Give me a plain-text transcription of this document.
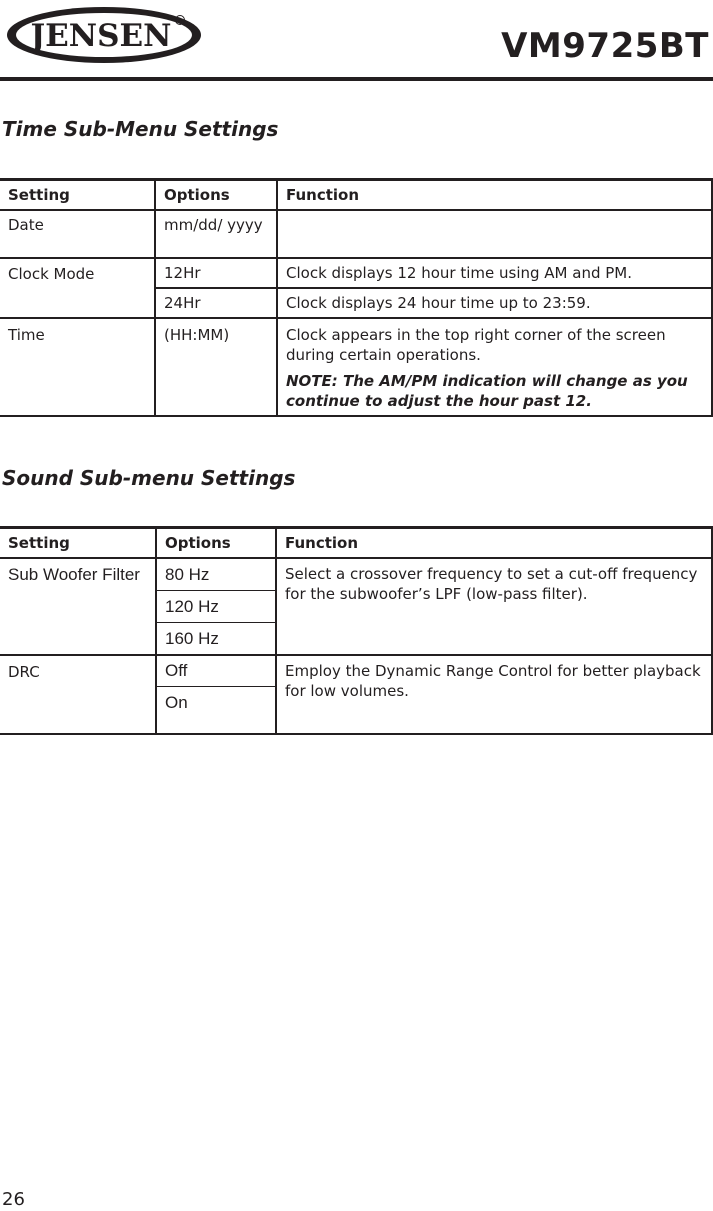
JENSEN R
VM9725BT
Time Sub-Menu Settings
Setting	Options	Function
Date	mm/dd/ yyyy	
Clock Mode	12Hr	Clock displays 12 hour time using AM and PM.
	24Hr	Clock displays 24 hour time up to 23:59.
Time	(HH:MM)	Clock appears in the top right corner of the screen during certain operations.
NOTE: The AM/PM indication will change as you continue to adjust the hour past 12.
Sound Sub-menu Settings
Setting	Options	Function
Sub Woofer Filter	80 Hz	Select a crossover frequency to set a cut-off frequency for the subwoofer’s LPF (low-pass filter).
	120 Hz	
	160 Hz	
DRC	Off	Employ the Dynamic Range Control for better playback for low volumes.
	On	
26
